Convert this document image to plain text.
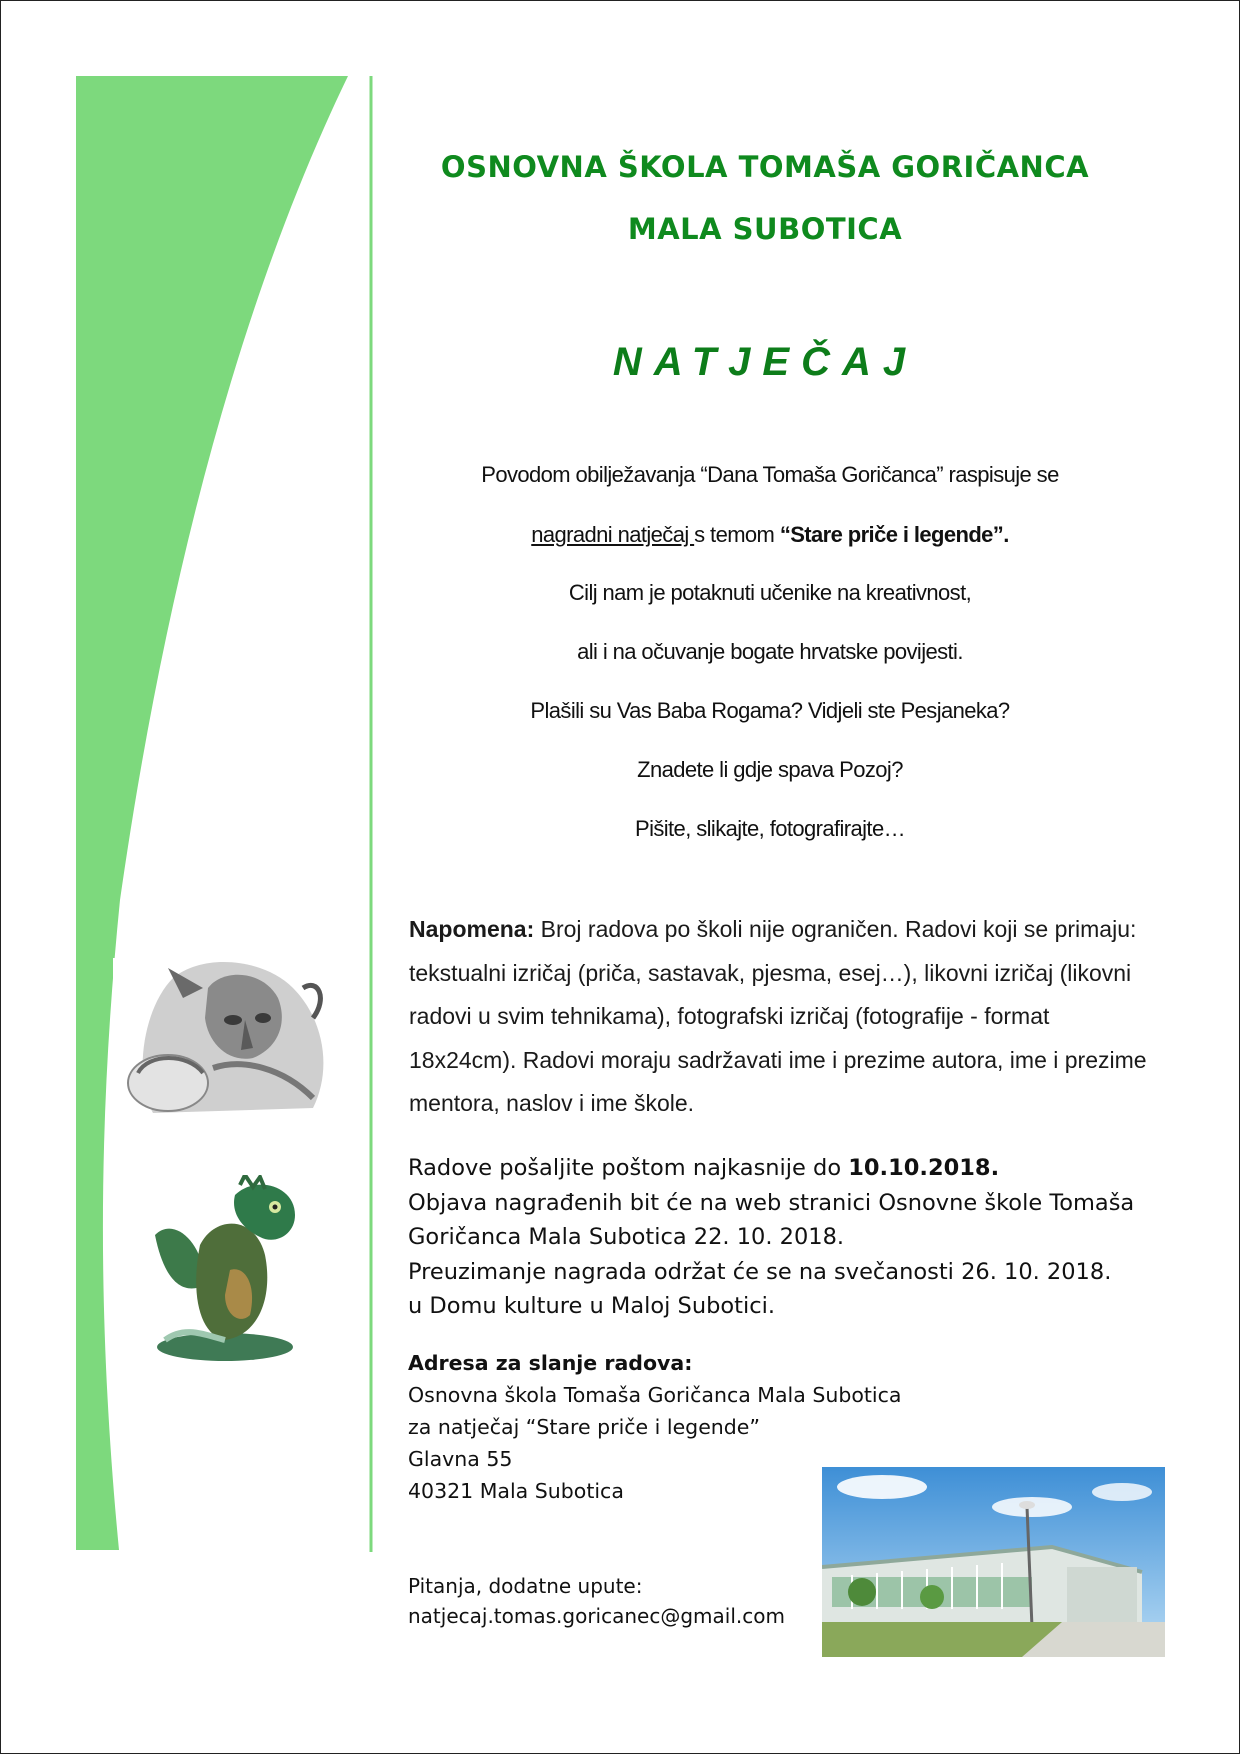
OSNOVNA ŠKOLA TOMAŠA GORIČANCA
MALA SUBOTICA
NATJEČAJ
Povodom obilježavanja “Dana Tomaša Goričanca” raspisuje se
nagradni natječaj s temom “Stare priče i legende”.
Cilj nam je potaknuti učenike na kreativnost,
ali i na očuvanje bogate hrvatske povijesti.
Plašili su Vas Baba Rogama? Vidjeli ste Pesjaneka?
Znadete li gdje spava Pozoj?
Pišite, slikajte, fotografirajte…
Napomena: Broj radova po školi nije ograničen. Radovi koji se primaju: tekstualni izričaj (priča, sastavak, pjesma, esej…), likovni izričaj (likovni radovi u svim tehnikama), fotografski izričaj (fotografije - format 18x24cm). Radovi moraju sadržavati ime i prezime autora, ime i prezime mentora, naslov i ime škole.
Radove pošaljite poštom najkasnije do 10.10.2018.
Objava nagrađenih bit će na web stranici Osnovne škole Tomaša
Goričanca Mala Subotica 22. 10. 2018.
Preuzimanje nagrada održat će se na svečanosti 26. 10. 2018.
u Domu kulture u Maloj Subotici.
Adresa za slanje radova:
Osnovna škola Tomaša Goričanca Mala Subotica
za natječaj “Stare priče i legende”
Glavna 55
40321 Mala Subotica
Pitanja, dodatne upute:
natjecaj.tomas.goricanec@gmail.com
